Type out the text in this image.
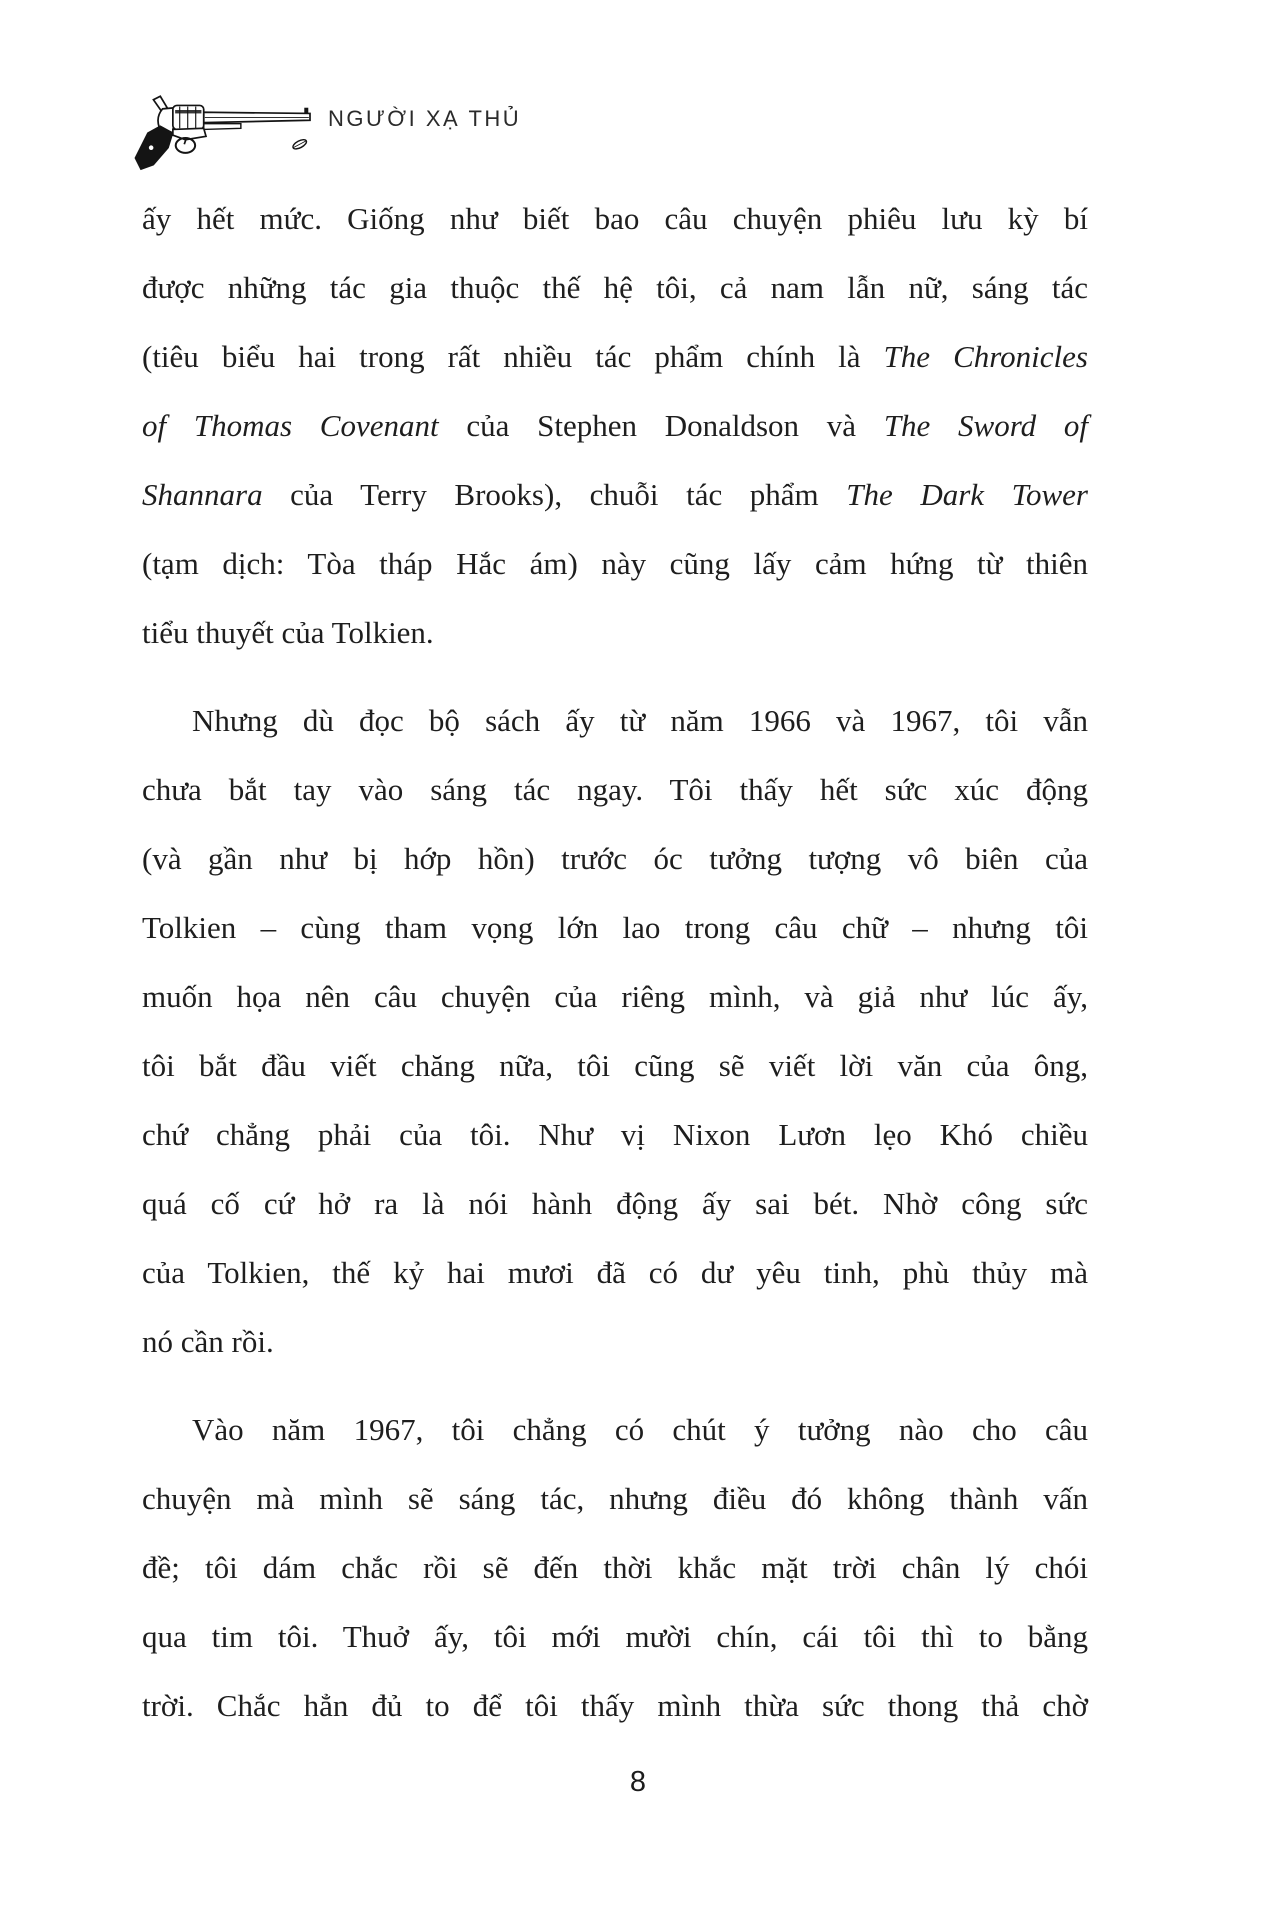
NGƯỜI XẠ THỦ
ấy hết mức. Giống như biết bao câu chuyện phiêu lưu kỳ bí
được những tác gia thuộc thế hệ tôi, cả nam lẫn nữ, sáng tác
(tiêu biểu hai trong rất nhiều tác phẩm chính là The Chronicles
of Thomas Covenant của Stephen Donaldson và The Sword of
Shannara của Terry Brooks), chuỗi tác phẩm The Dark Tower
(tạm dịch: Tòa tháp Hắc ám) này cũng lấy cảm hứng từ thiên
tiểu thuyết của Tolkien.
Nhưng dù đọc bộ sách ấy từ năm 1966 và 1967, tôi vẫn
chưa bắt tay vào sáng tác ngay. Tôi thấy hết sức xúc động
(và gần như bị hớp hồn) trước óc tưởng tượng vô biên của
Tolkien – cùng tham vọng lớn lao trong câu chữ – nhưng tôi
muốn họa nên câu chuyện của riêng mình, và giả như lúc ấy,
tôi bắt đầu viết chăng nữa, tôi cũng sẽ viết lời văn của ông,
chứ chẳng phải của tôi. Như vị Nixon Lươn lẹo Khó chiều
quá cố cứ hở ra là nói hành động ấy sai bét. Nhờ công sức
của Tolkien, thế kỷ hai mươi đã có dư yêu tinh, phù thủy mà
nó cần rồi.
Vào năm 1967, tôi chẳng có chút ý tưởng nào cho câu
chuyện mà mình sẽ sáng tác, nhưng điều đó không thành vấn
đề; tôi dám chắc rồi sẽ đến thời khắc mặt trời chân lý chói
qua tim tôi. Thuở ấy, tôi mới mười chín, cái tôi thì to bằng
trời. Chắc hẳn đủ to để tôi thấy mình thừa sức thong thả chờ
8
